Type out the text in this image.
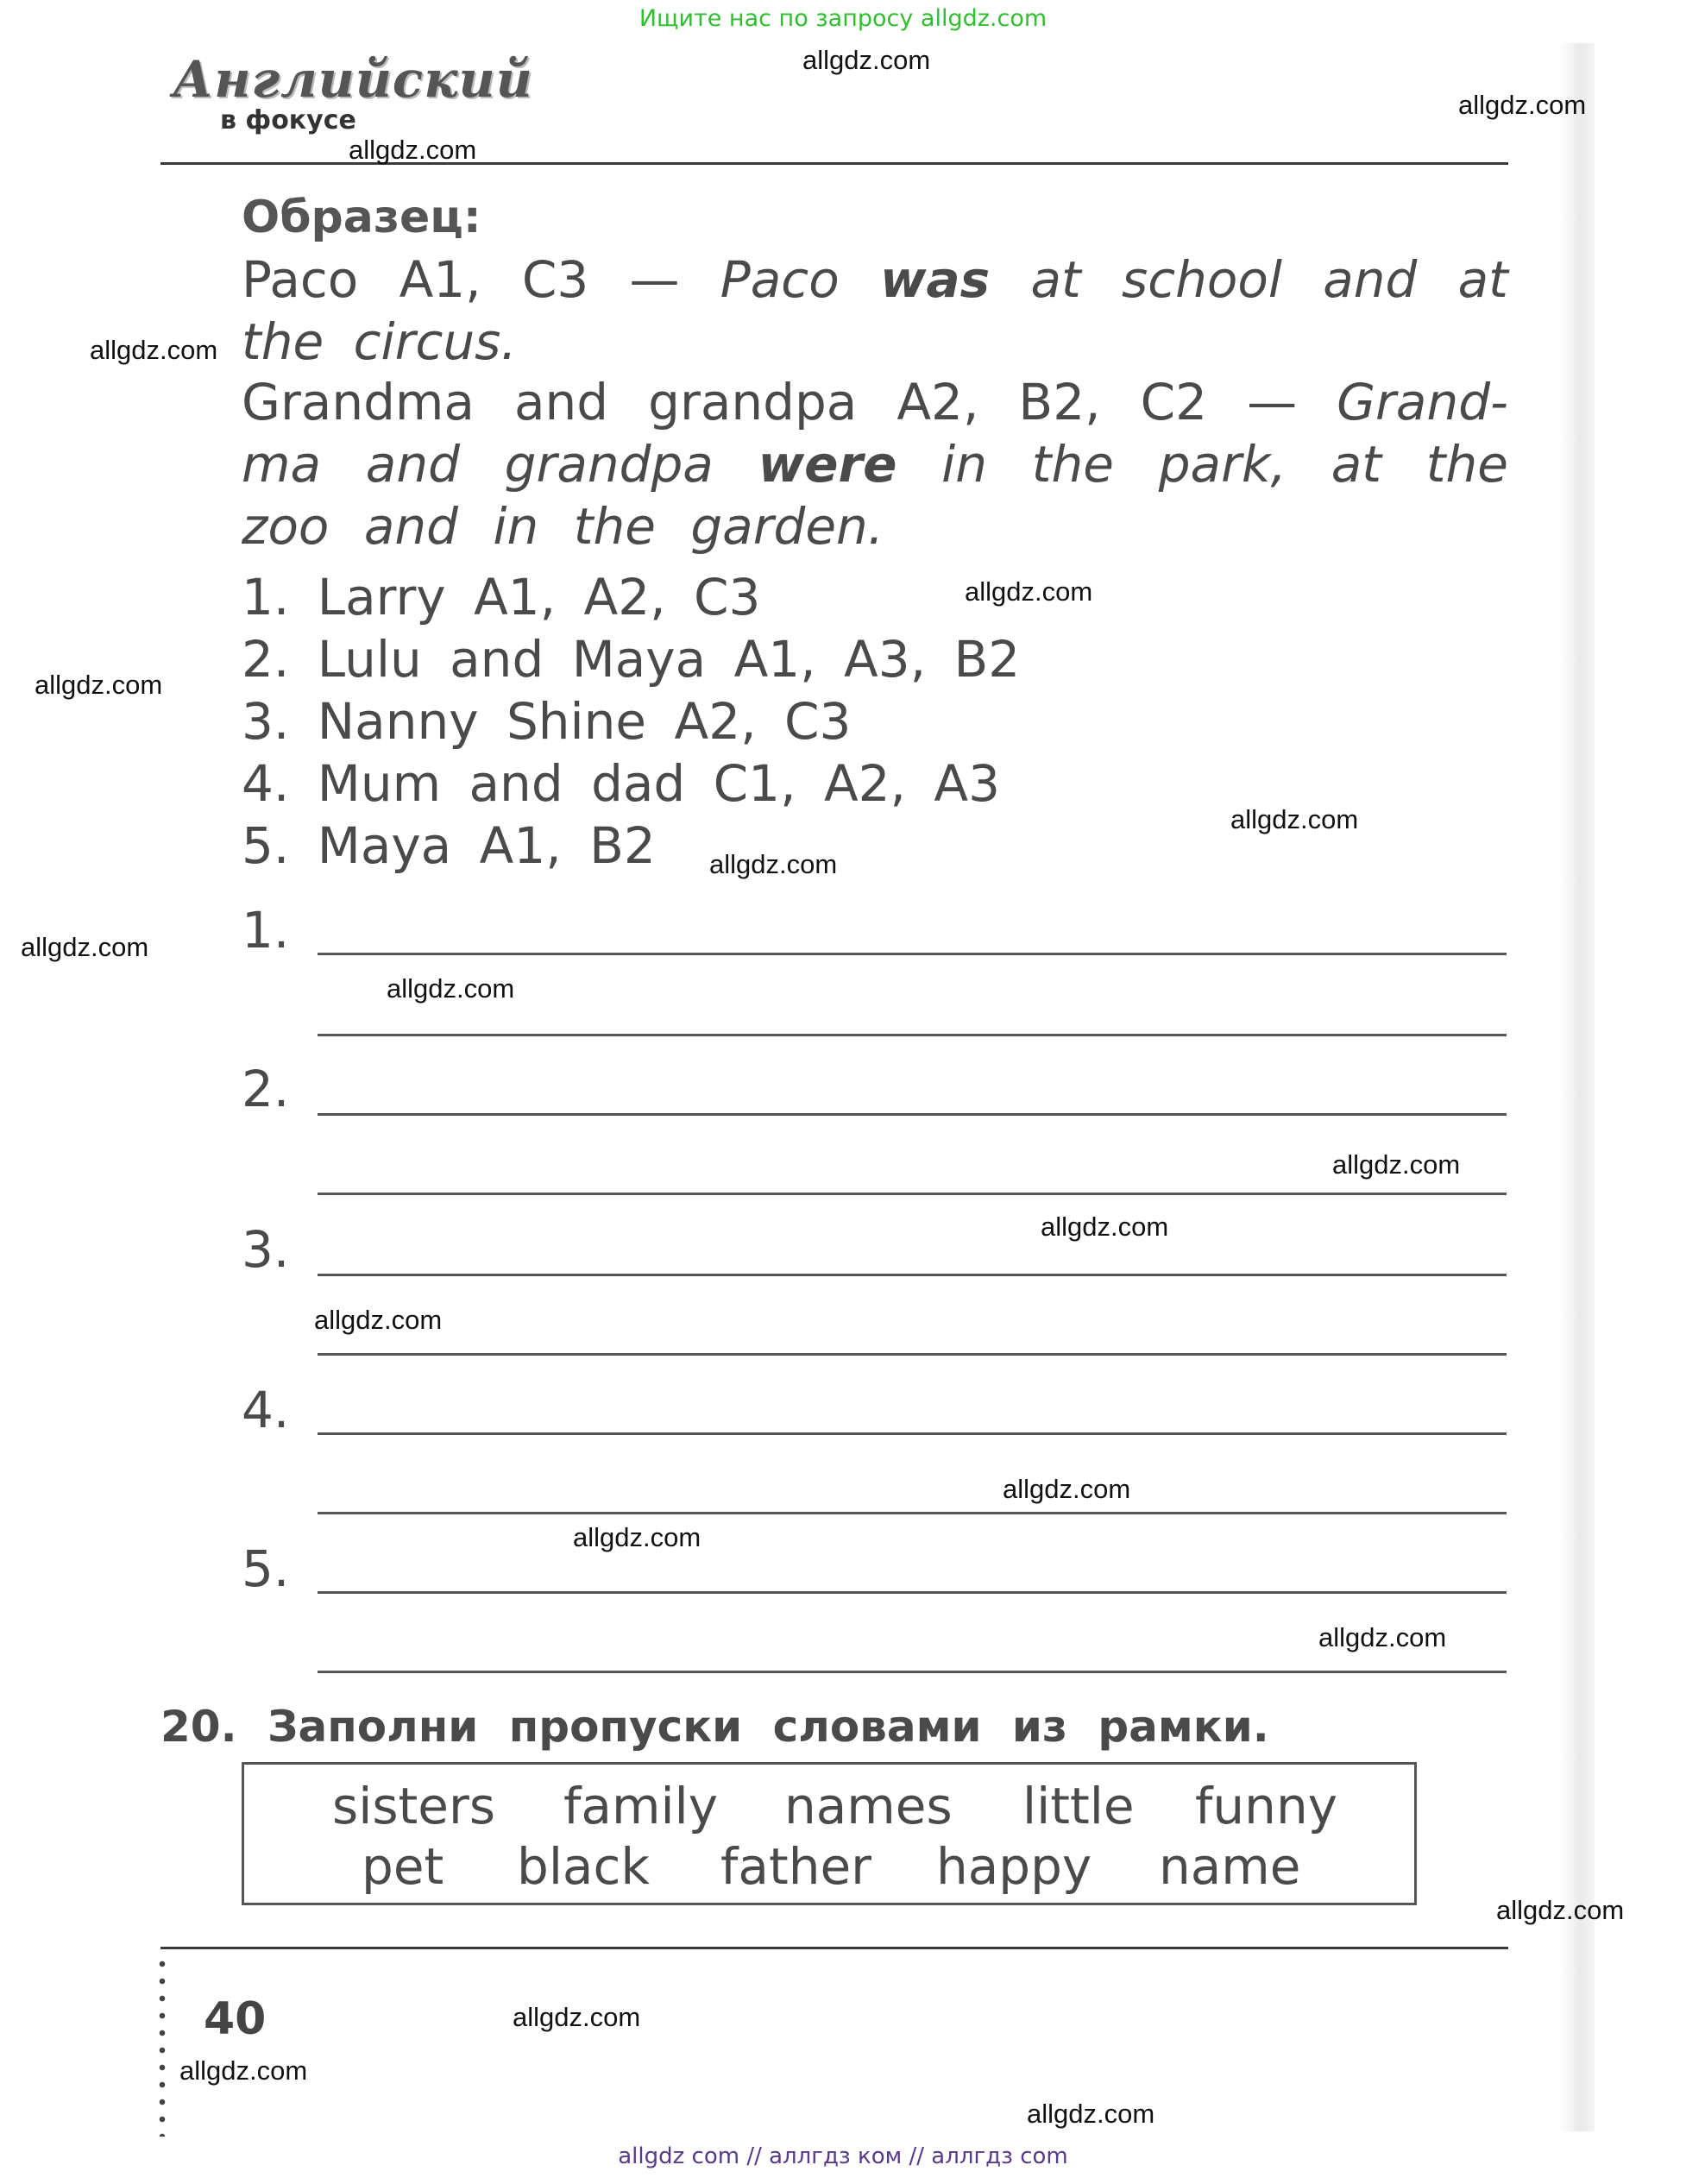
Ищите нас по запросу allgdz.com
allgdz com // аллгдз ком // аллгдз com
Английский
в фокусе
Образец:
Paco A1, C3 — Paco was at school and at
the circus.
Grandma and grandpa A2, B2, C2 — Grand-
ma and grandpa were in the park, at the
zoo and in the garden.
1. Larry A1, A2, C3
2. Lulu and Maya A1, A3, B2
3. Nanny Shine A2, C3
4. Mum and dad C1, A2, A3
5. Maya A1, B2
1.
2.
3.
4.
5.
20. Заполни пропуски словами из рамки.
sisters family names little funny
pet black father happy name
40
allgdz.com
allgdz.com
allgdz.com
allgdz.com
allgdz.com
allgdz.com
allgdz.com
allgdz.com
allgdz.com
allgdz.com
allgdz.com
allgdz.com
allgdz.com
allgdz.com
allgdz.com
allgdz.com
allgdz.com
allgdz.com
allgdz.com
allgdz.com
